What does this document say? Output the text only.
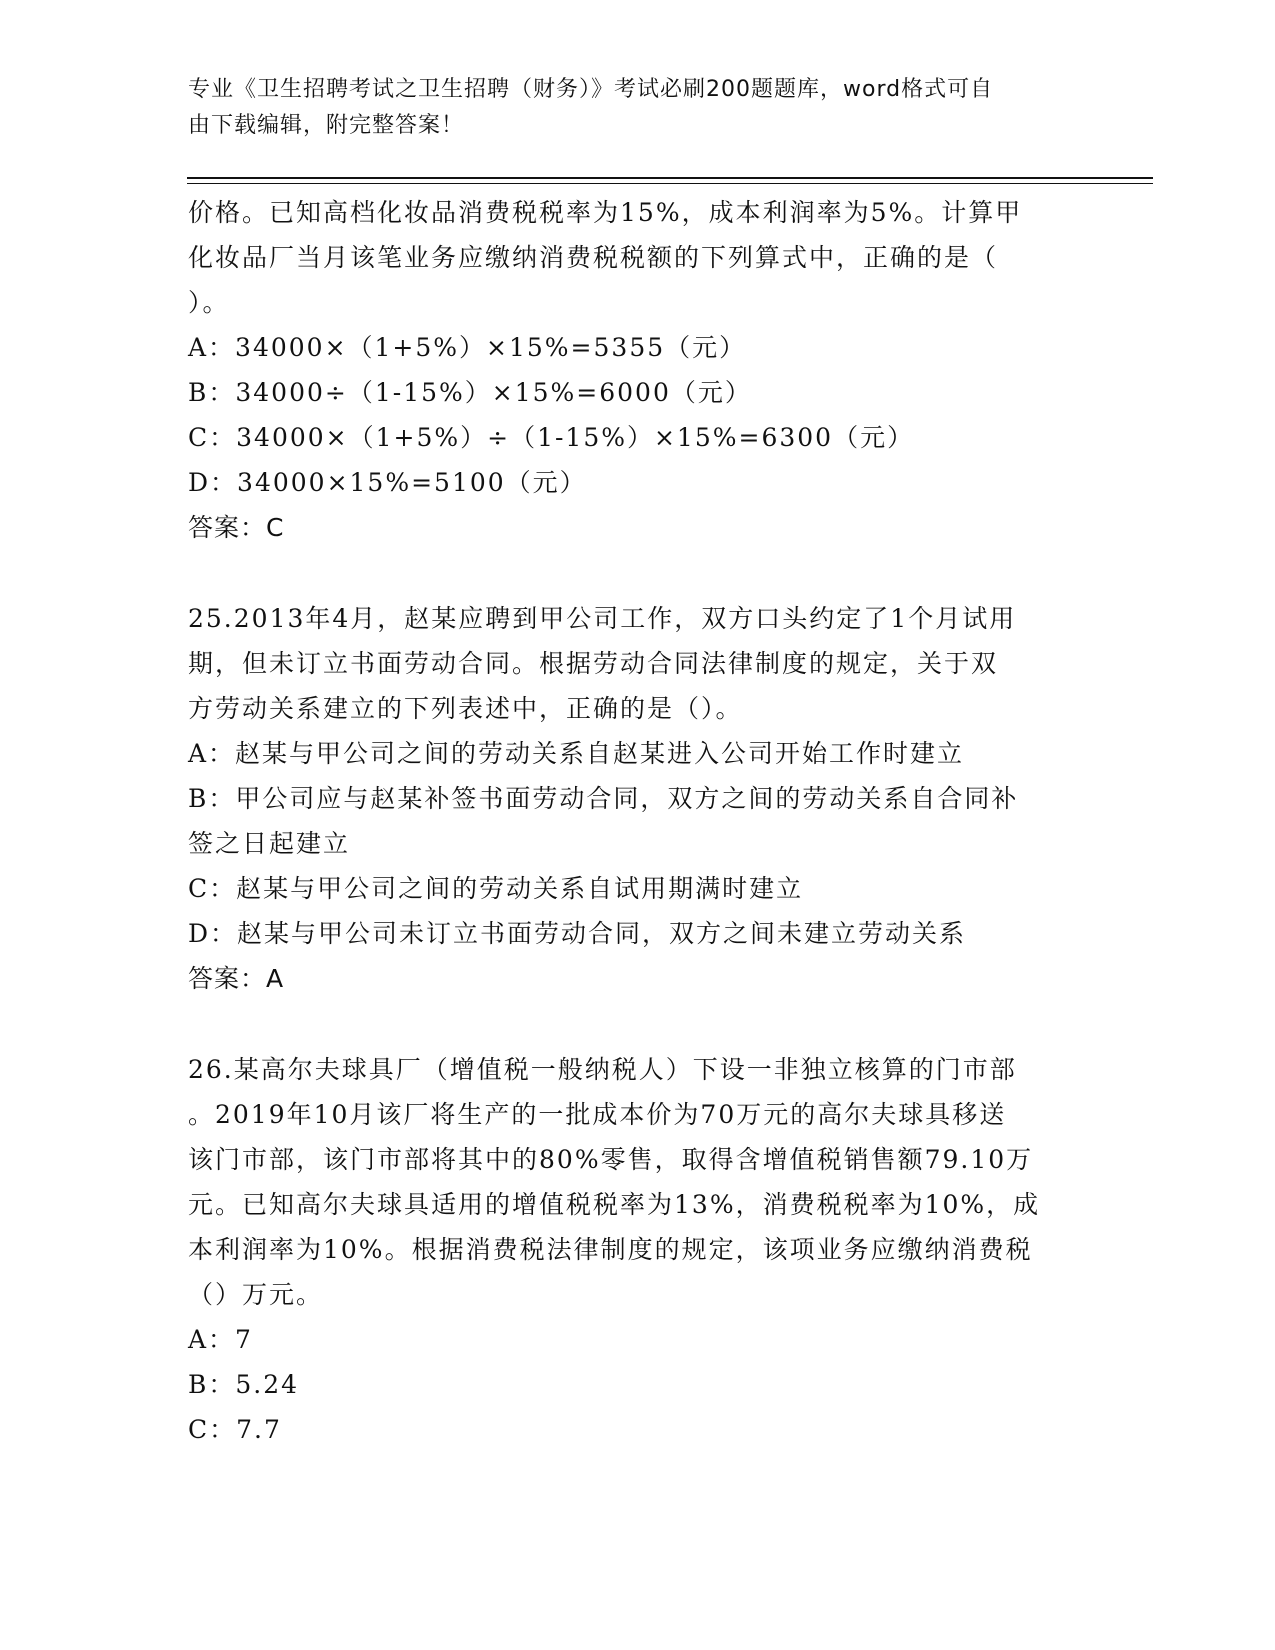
专业《卫生招聘考试之卫生招聘（财务）》考试必刷200题题库，word格式可自
由下载编辑，附完整答案！
价格。已知高档化妆品消费税税率为15%，成本利润率为5%。计算甲
化妆品厂当月该笔业务应缴纳消费税税额的下列算式中，正确的是（
）。
A：34000×（1+5%）×15%=5355（元）
B：34000÷（1-15%）×15%=6000（元）
C：34000×（1+5%）÷（1-15%）×15%=6300（元）
D：34000×15%=5100（元）
答案：C
25.2013年4月，赵某应聘到甲公司工作，双方口头约定了1个月试用
期，但未订立书面劳动合同。根据劳动合同法律制度的规定，关于双
方劳动关系建立的下列表述中，正确的是（）。
A：赵某与甲公司之间的劳动关系自赵某进入公司开始工作时建立
B：甲公司应与赵某补签书面劳动合同，双方之间的劳动关系自合同补
签之日起建立
C：赵某与甲公司之间的劳动关系自试用期满时建立
D：赵某与甲公司未订立书面劳动合同，双方之间未建立劳动关系
答案：A
26.某高尔夫球具厂（增值税一般纳税人）下设一非独立核算的门市部
。2019年10月该厂将生产的一批成本价为70万元的高尔夫球具移送
该门市部，该门市部将其中的80%零售，取得含增值税销售额79.10万
元。已知高尔夫球具适用的增值税税率为13%，消费税税率为10%，成
本利润率为10%。根据消费税法律制度的规定，该项业务应缴纳消费税
（）万元。
A：7
B：5.24
C：7.7
